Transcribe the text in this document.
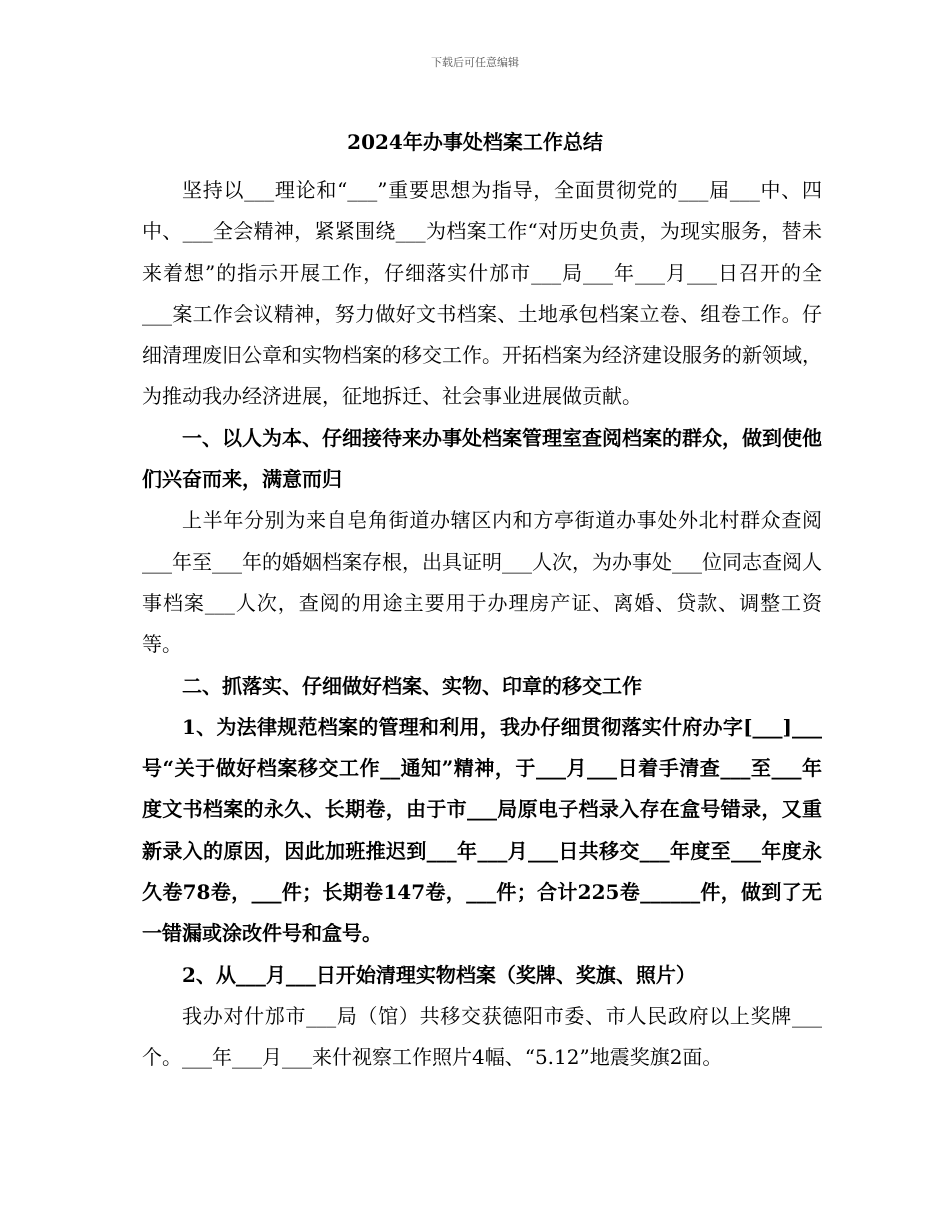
下载后可任意编辑
2024年办事处档案工作总结

坚持以___理论和“___”重要思想为指导，全面贯彻党的___届___中、四中、___全会精神，紧紧围绕___为档案工作“对历史负责，为现实服务，替未来着想”的指示开展工作，仔细落实什邡市___局___年___月___日召开的全___案工作会议精神，努力做好文书档案、土地承包档案立卷、组卷工作。仔细清理废旧公章和实物档案的移交工作。开拓档案为经济建设服务的新领域，为推动我办经济进展，征地拆迁、社会事业进展做贡献。

一、以人为本、仔细接待来办事处档案管理室查阅档案的群众，做到使他们兴奋而来，满意而归

上半年分别为来自皂角街道办辖区内和方亭街道办事处外北村群众查阅___年至___年的婚姻档案存根，出具证明___人次，为办事处___位同志查阅人事档案___人次，查阅的用途主要用于办理房产证、离婚、贷款、调整工资等。

二、抓落实、仔细做好档案、实物、印章的移交工作

1、为法律规范档案的管理和利用，我办仔细贯彻落实什府办字[___]___号“关于做好档案移交工作__通知”精神，于___月___日着手清查___至___年度文书档案的永久、长期卷，由于市___局原电子档录入存在盒号错录，又重新录入的原因，因此加班推迟到___年___月___日共移交___年度至___年度永久卷78卷，___件；长期卷147卷，___件；合计225卷______件，做到了无一错漏或涂改件号和盒号。

2、从___月___日开始清理实物档案（奖牌、奖旗、照片）

我办对什邡市___局（馆）共移交获德阳市委、市人民政府以上奖牌___个。___年___月___来什视察工作照片4幅、“5.12”地震奖旗2面。
